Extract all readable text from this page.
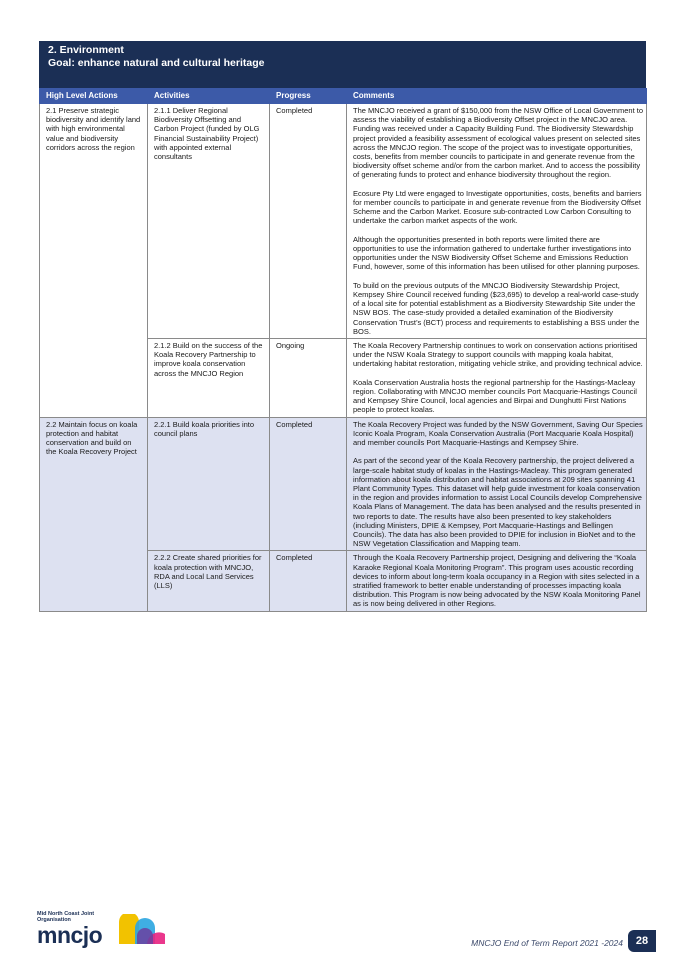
2. Environment
Goal: enhance natural and cultural heritage
High Level Actions	Activities	Progress	Comments
2.1 Preserve strategic biodiversity and identify land with high environmental value and biodiversity corridors across the region	2.1.1 Deliver Regional Biodiversity Offsetting and Carbon Project (funded by OLG Financial Sustainability Project) with appointed external consultants	Completed	The MNCJO received a grant of $150,000 from the NSW Office of Local Government to assess the viability of establishing a Biodiversity Offset project in the MNCJO area. Funding was received under a Capacity Building Fund. The Biodiversity Stewardship project provided a feasibility assessment of ecological values present on selected sites across the MNCJO region. The scope of the project was to investigate opportunities, costs, benefits from member councils to participate in and generate revenue from the biodiversity offset scheme and/or from the carbon market. And to access the possibility of generating funds to protect and enhance biodiversity throughout the region.

Ecosure Pty Ltd were engaged to Investigate opportunities, costs, benefits and barriers for member councils to participate in and generate revenue from the Biodiversity Offset Scheme and the Carbon Market. Ecosure sub-contracted Low Carbon Consulting to undertake the carbon market aspects of the work.

Although the opportunities presented in both reports were limited there are opportunities to use the information gathered to undertake further investigations into opportunities under the NSW Biodiversity Offset Scheme and Emissions Reduction Fund, however, some of this information has been utilised for other planning purposes.

To build on the previous outputs of the MNCJO Biodiversity Stewardship Project, Kempsey Shire Council received funding ($23,695) to develop a real-world case-study of a local site for potential establishment as a Biodiversity Stewardship Site under the NSW BOS. The case-study provided a detailed examination of the Biodiversity Conservation Trust’s (BCT) process and requirements to establishing a BSS under the BOS.

	2.1.2 Build on the success of the Koala Recovery Partnership to improve koala conservation across the MNCJO Region	Ongoing	The Koala Recovery Partnership continues to work on conservation actions prioritised under the NSW Koala Strategy to support councils with mapping koala habitat, undertaking habitat restoration, mitigating vehicle strike, and providing technical advice.

Koala Conservation Australia hosts the regional partnership for the Hastings-Macleay region. Collaborating with MNCJO member councils Port Macquarie-Hastings Council and Kempsey Shire Council, local agencies and Birpai and Dunghutti First Nations people to protect koalas.

2.2 Maintain focus on koala protection and habitat conservation and build on the Koala Recovery Project	2.2.1 Build koala priorities into council plans	Completed	The Koala Recovery Project was funded by the NSW Government, Saving Our Species Iconic Koala Program, Koala Conservation Australia (Port Macquarie Koala Hospital) and member councils Port Macquarie-Hastings and Kempsey Shire.

As part of the second year of the Koala Recovery partnership, the project delivered a large-scale habitat study of koalas in the Hastings-Macleay. This program generated information about koala distribution and habitat associations at 209 sites spanning 41 Plant Community Types. This dataset will help guide investment for koala conservation in the region and provides information to assist Local Councils develop Comprehensive Koala Plans of Management. The data has been analysed and the results presented in two reports to date. The results have also been presented to key stakeholders (including Ministers, DPIE & Kempsey, Port Macquarie-Hastings and Bellingen Councils). The data has also been provided to DPIE for inclusion in BioNet and to the NSW Vegetation Classification and Mapping team.

	2.2.2 Create shared priorities for koala protection with MNCJO, RDA and Local Land Services (LLS)	Completed	Through the Koala Recovery Partnership project, Designing and delivering the “Koala Karaoke Regional Koala Monitoring Program”. This program uses acoustic recording devices to inform about long-term koala occupancy in a Region with sites selected in a stratified framework to better enable understanding of processes impacting koala distribution. This Program is now being advocated by the NSW Koala Monitoring Panel as is now being delivered in other Regions.

Mid North Coast Joint Organisation
mncjo	MNCJO End of Term Report 2021 -2024	28
